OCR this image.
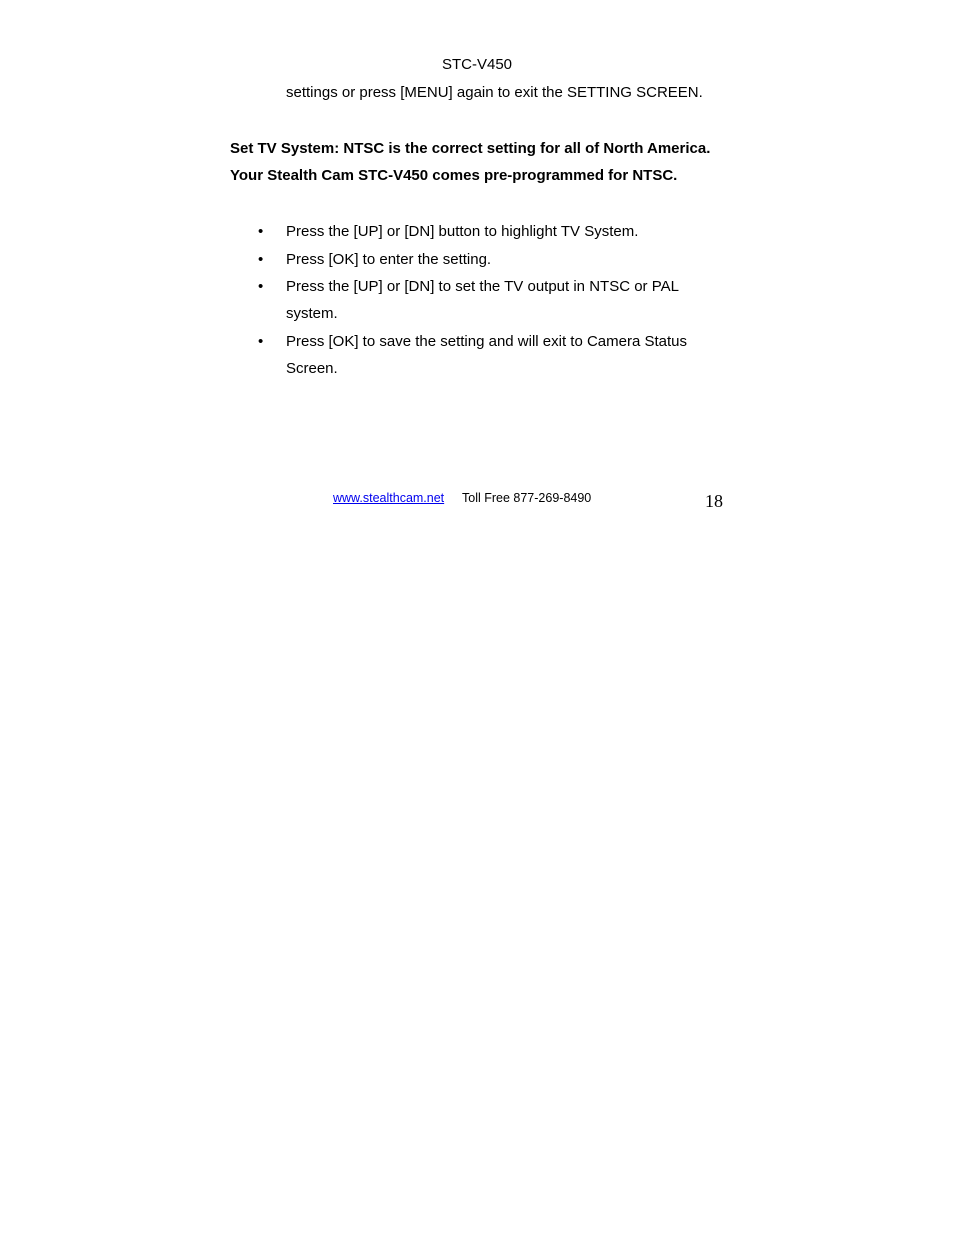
STC-V450
settings or press [MENU] again to exit the SETTING SCREEN.
Set TV System: NTSC is the correct setting for all of North America. Your Stealth Cam STC-V450 comes pre-programmed for NTSC.
• Press the [UP] or [DN] button to highlight TV System.
• Press [OK] to enter the setting.
• Press the [UP] or [DN] to set the TV output in NTSC or PAL system.
• Press [OK] to save the setting and will exit to Camera Status Screen.
www.stealthcam.net Toll Free 877-269-8490	18
